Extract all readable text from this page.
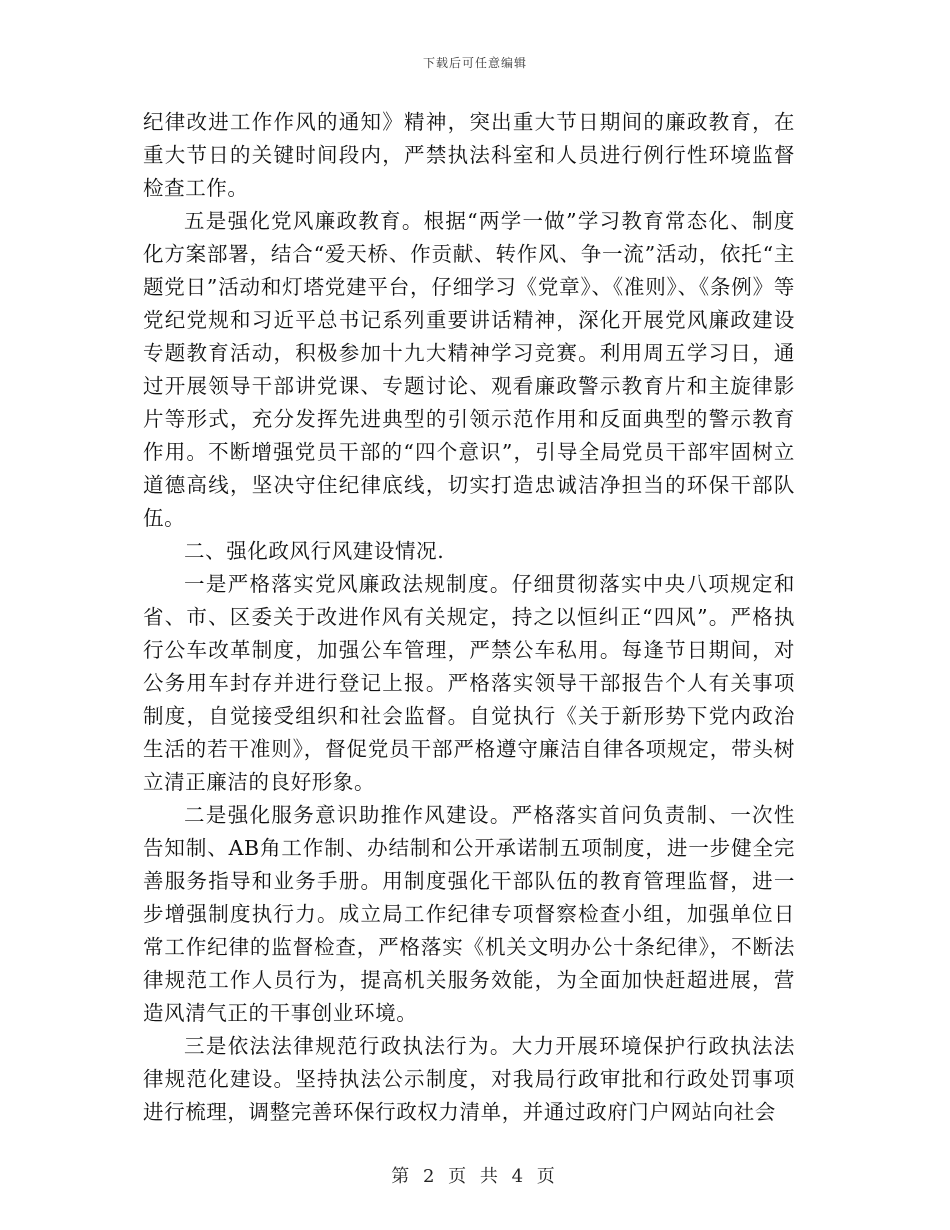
下载后可任意编辑

纪律改进工作作风的通知》精神，突出重大节日期间的廉政教育，在重大节日的关键时间段内，严禁执法科室和人员进行例行性环境监督检查工作。

五是强化党风廉政教育。根据“两学一做”学习教育常态化、制度化方案部署，结合“爱天桥、作贡献、转作风、争一流”活动，依托“主题党日”活动和灯塔党建平台，仔细学习《党章》、《准则》、《条例》等党纪党规和习近平总书记系列重要讲话精神，深化开展党风廉政建设专题教育活动，积极参加十九大精神学习竞赛。利用周五学习日，通过开展领导干部讲党课、专题讨论、观看廉政警示教育片和主旋律影片等形式，充分发挥先进典型的引领示范作用和反面典型的警示教育作用。不断增强党员干部的“四个意识”，引导全局党员干部牢固树立道德高线，坚决守住纪律底线，切实打造忠诚洁净担当的环保干部队伍。

二、强化政风行风建设情况.

一是严格落实党风廉政法规制度。仔细贯彻落实中央八项规定和省、市、区委关于改进作风有关规定，持之以恒纠正“四风”。严格执行公车改革制度，加强公车管理，严禁公车私用。每逢节日期间，对公务用车封存并进行登记上报。严格落实领导干部报告个人有关事项制度，自觉接受组织和社会监督。自觉执行《关于新形势下党内政治生活的若干准则》，督促党员干部严格遵守廉洁自律各项规定，带头树立清正廉洁的良好形象。

二是强化服务意识助推作风建设。严格落实首问负责制、一次性告知制、AB角工作制、办结制和公开承诺制五项制度，进一步健全完善服务指导和业务手册。用制度强化干部队伍的教育管理监督，进一步增强制度执行力。成立局工作纪律专项督察检查小组，加强单位日常工作纪律的监督检查，严格落实《机关文明办公十条纪律》，不断法律规范工作人员行为，提高机关服务效能，为全面加快赶超进展，营造风清气正的干事创业环境。

三是依法法律规范行政执法行为。大力开展环境保护行政执法法律规范化建设。坚持执法公示制度，对我局行政审批和行政处罚事项进行梳理，调整完善环保行政权力清单，并通过政府门户网站向社会

第 2 页 共 4 页
